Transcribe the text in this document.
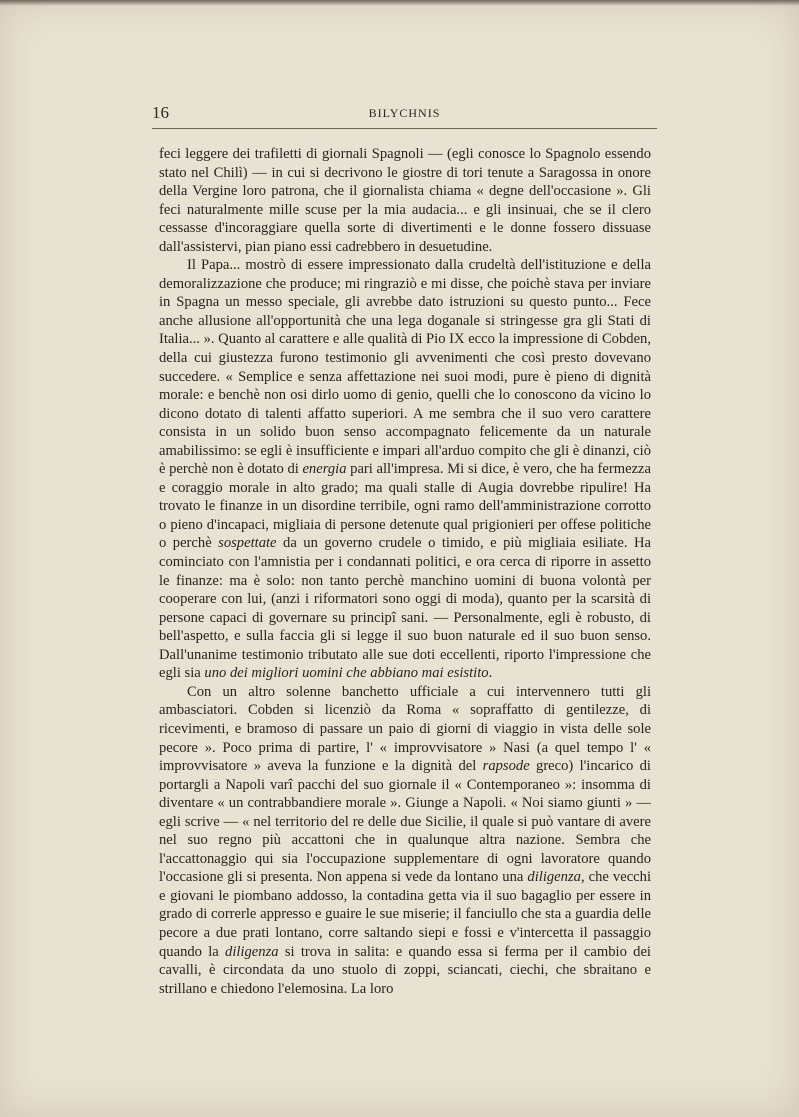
16	BILYCHNIS

feci leggere dei trafiletti di giornali Spagnoli — (egli conosce lo Spagnolo essendo stato nel Chilì) — in cui si decrivono le giostre di tori tenute a Saragossa in onore della Vergine loro patrona, che il giornalista chiama « degne dell'occasione ». Gli feci naturalmente mille scuse per la mia audacia... e gli insinuai, che se il clero cessasse d'incoraggiare quella sorte di divertimenti e le donne fossero dissuase dall'assistervi, pian piano essi cadrebbero in desuetudine.

Il Papa... mostrò di essere impressionato dalla crudeltà dell'istituzione e della demoralizzazione che produce; mi ringraziò e mi disse, che poichè stava per inviare in Spagna un messo speciale, gli avrebbe dato istruzioni su questo punto... Fece anche allusione all'opportunità che una lega doganale si stringesse gra gli Stati di Italia... ». Quanto al carattere e alle qualità di Pio IX ecco la impressione di Cobden, della cui giustezza furono testimonio gli avvenimenti che così presto dovevano succedere. « Semplice e senza affettazione nei suoi modi, pure è pieno di dignità morale: e benchè non osi dirlo uomo di genio, quelli che lo conoscono da vicino lo dicono dotato di talenti affatto superiori. A me sembra che il suo vero carattere consista in un solido buon senso accompagnato felicemente da un naturale amabilissimo: se egli è insufficiente e impari all'arduo compito che gli è dinanzi, ciò è perchè non è dotato di energia pari all'impresa. Mi si dice, è vero, che ha fermezza e coraggio morale in alto grado; ma quali stalle di Augia dovrebbe ripulire! Ha trovato le finanze in un disordine terribile, ogni ramo dell'amministrazione corrotto o pieno d'incapaci, migliaia di persone detenute qual prigionieri per offese politiche o perchè sospettate da un governo crudele o timido, e più migliaia esiliate. Ha cominciato con l'amnistia per i condannati politici, e ora cerca di riporre in assetto le finanze: ma è solo: non tanto perchè manchino uomini di buona volontà per cooperare con lui, (anzi i riformatori sono oggi di moda), quanto per la scarsità di persone capaci di governare su principî sani. — Personalmente, egli è robusto, di bell'aspetto, e sulla faccia gli si legge il suo buon naturale ed il suo buon senso. Dall'unanime testimonio tributato alle sue doti eccellenti, riporto l'impressione che egli sia uno dei migliori uomini che abbiano mai esistito.

Con un altro solenne banchetto ufficiale a cui intervennero tutti gli ambasciatori. Cobden si licenziò da Roma « sopraffatto di gentilezze, di ricevimenti, e bramoso di passare un paio di giorni di viaggio in vista delle sole pecore ». Poco prima di partire, l' « improvvisatore » Nasi (a quel tempo l' « improvvisatore » aveva la funzione e la dignità del rapsode greco) l'incarico di portargli a Napoli varî pacchi del suo giornale il « Contemporaneo »: insomma di diventare « un contrabbandiere morale ». Giunge a Napoli. « Noi siamo giunti » — egli scrive — « nel territorio del re delle due Sicilie, il quale si può vantare di avere nel suo regno più accattoni che in qualunque altra nazione. Sembra che l'accattonaggio qui sia l'occupazione supplementare di ogni lavoratore quando l'occasione gli si presenta. Non appena si vede da lontano una diligenza, che vecchi e giovani le piombano addosso, la contadina getta via il suo bagaglio per essere in grado di correrle appresso e guaire le sue miserie; il fanciullo che sta a guardia delle pecore a due prati lontano, corre saltando siepi e fossi e v'intercetta il passaggio quando la diligenza si trova in salita: e quando essa si ferma per il cambio dei cavalli, è circondata da uno stuolo di zoppi, sciancati, ciechi, che sbraitano e strillano e chiedono l'elemosina. La loro
